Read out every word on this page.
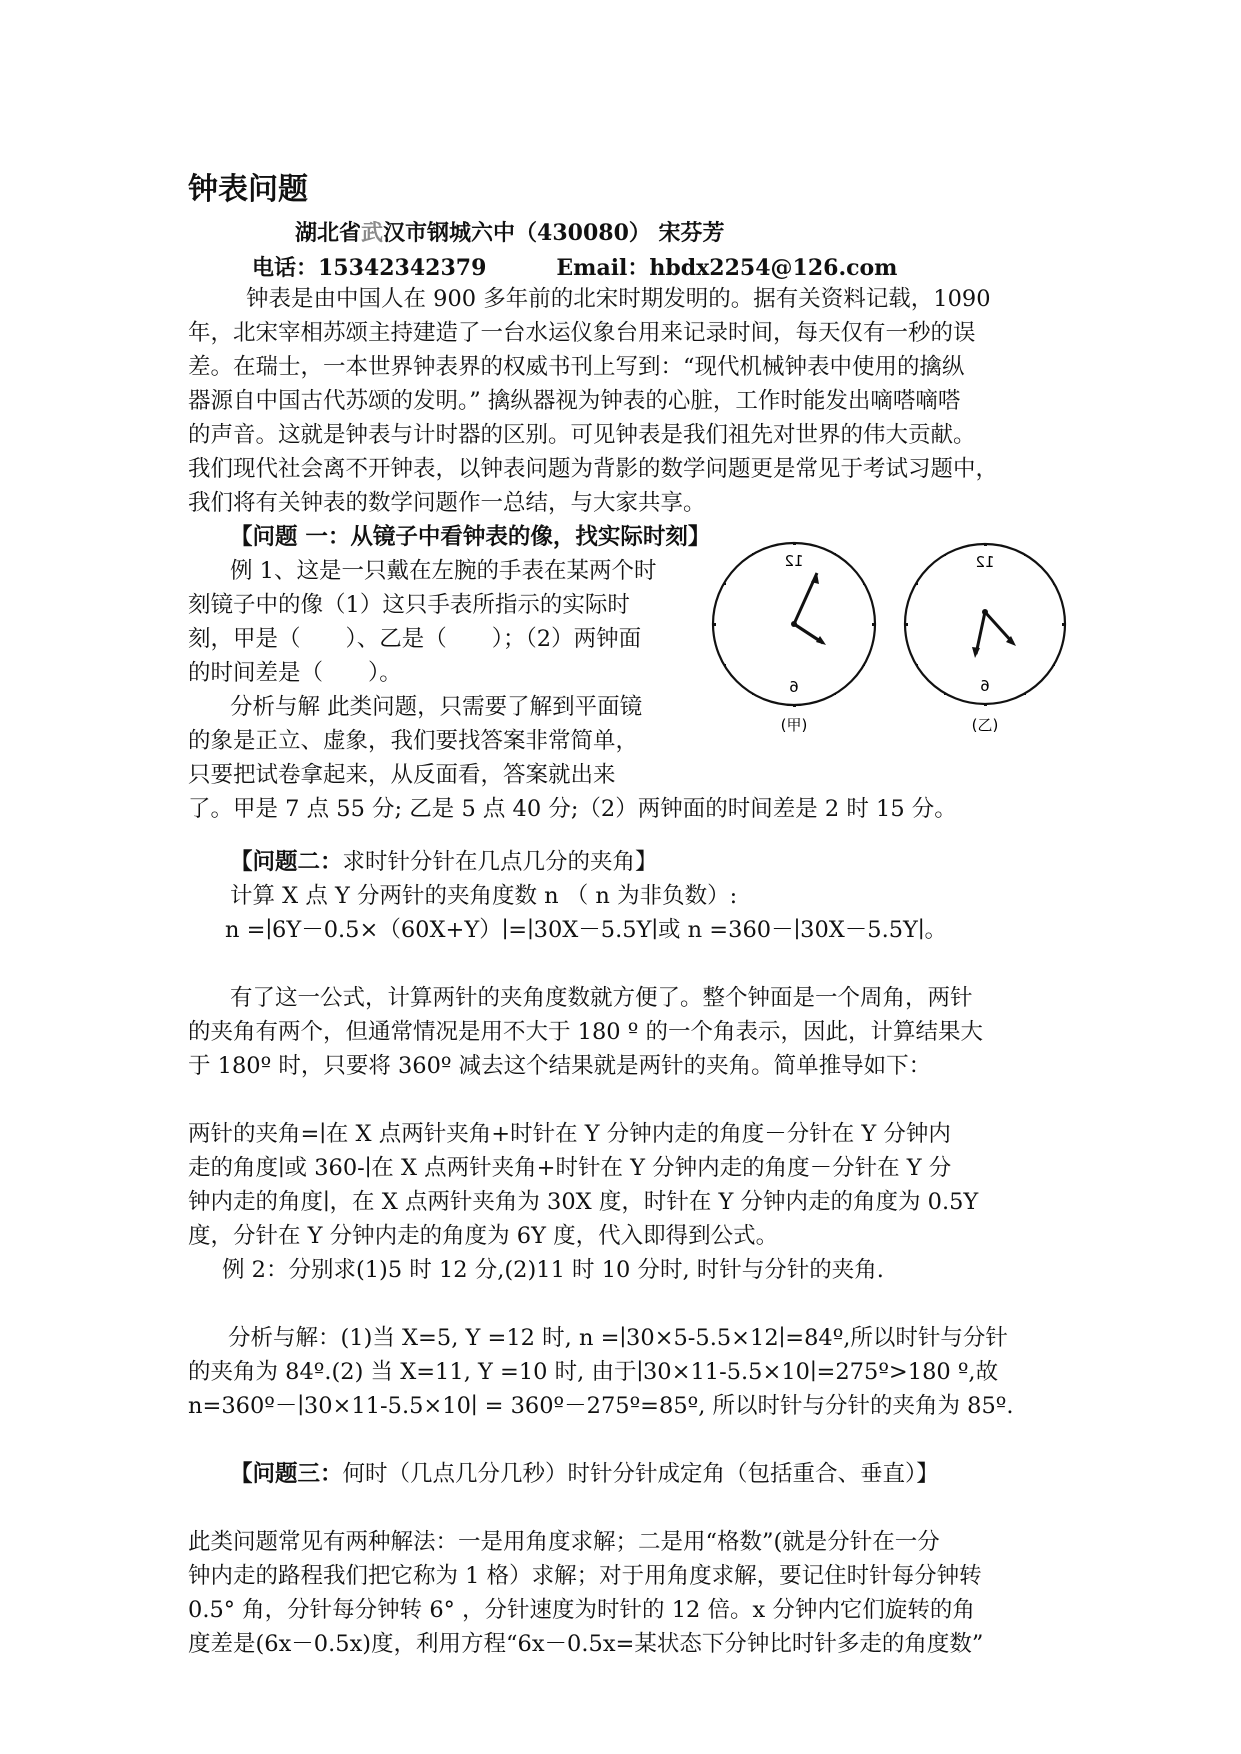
钟表问题
湖北省武汉市钢城六中（430080） 宋芬芳
电话：15342342379	Email：hbdx2254@126.com
钟表是由中国人在 900 多年前的北宋时期发明的。据有关资料记载，1090
年，北宋宰相苏颂主持建造了一台水运仪象台用来记录时间，每天仅有一秒的误
差。在瑞士，一本世界钟表界的权威书刊上写到：“现代机械钟表中使用的擒纵
器源自中国古代苏颂的发明。” 擒纵器视为钟表的心脏，工作时能发出嘀嗒嘀嗒
的声音。这就是钟表与计时器的区别。可见钟表是我们祖先对世界的伟大贡献。
我们现代社会离不开钟表，以钟表问题为背影的数学问题更是常见于考试习题中，
我们将有关钟表的数学问题作一总结，与大家共享。
【问题 一：从镜子中看钟表的像，找实际时刻】
例 1、这是一只戴在左腕的手表在某两个时
刻镜子中的像（1）这只手表所指示的实际时
刻，甲是（　　）、乙是（　　）；（2）两钟面
的时间差是（　　）。
分析与解 此类问题，只需要了解到平面镜
的象是正立、虚象，我们要找答案非常简单，
只要把试卷拿起来，从反面看，答案就出来
了。甲是 7 点 55 分; 乙是 5 点 40 分;（2）两钟面的时间差是 2 时 15 分。
12
6
(甲)
12
6
(乙)
【问题二：求时针分针在几点几分的夹角】
计算 X 点 Y 分两针的夹角度数 n （ n 为非负数）:
n =∣6Y－0.5×（60X+Y）∣=∣30X－5.5Y∣或 n =360－∣30X－5.5Y∣。
有了这一公式，计算两针的夹角度数就方便了。整个钟面是一个周角，两针
的夹角有两个，但通常情况是用不大于 180 º 的一个角表示，因此，计算结果大
于 180º 时，只要将 360º 减去这个结果就是两针的夹角。简单推导如下：
两针的夹角=∣在 X 点两针夹角+时针在 Y 分钟内走的角度－分针在 Y 分钟内
走的角度∣或 360-∣在 X 点两针夹角+时针在 Y 分钟内走的角度－分针在 Y 分
钟内走的角度∣，在 X 点两针夹角为 30X 度，时针在 Y 分钟内走的角度为 0.5Y
度，分针在 Y 分钟内走的角度为 6Y 度，代入即得到公式。
例 2：分别求(1)5 时 12 分,(2)11 时 10 分时, 时针与分针的夹角.
分析与解：(1)当 X=5, Y =12 时, n =∣30×5-5.5×12∣=84º,所以时针与分针
的夹角为 84º.(2) 当 X=11, Y =10 时, 由于∣30×11-5.5×10∣=275º>180 º,故
n=360º－∣30×11-5.5×10∣ = 360º－275º=85º, 所以时针与分针的夹角为 85º.
【问题三：何时（几点几分几秒）时针分针成定角（包括重合、垂直）】
此类问题常见有两种解法：一是用角度求解；二是用“格数”(就是分针在一分
钟内走的路程我们把它称为 1 格）求解；对于用角度求解，要记住时针每分钟转
0.5° 角，分针每分钟转 6° ，分针速度为时针的 12 倍。x 分钟内它们旋转的角
度差是(6x－0.5x)度，利用方程“6x－0.5x=某状态下分钟比时针多走的角度数”
